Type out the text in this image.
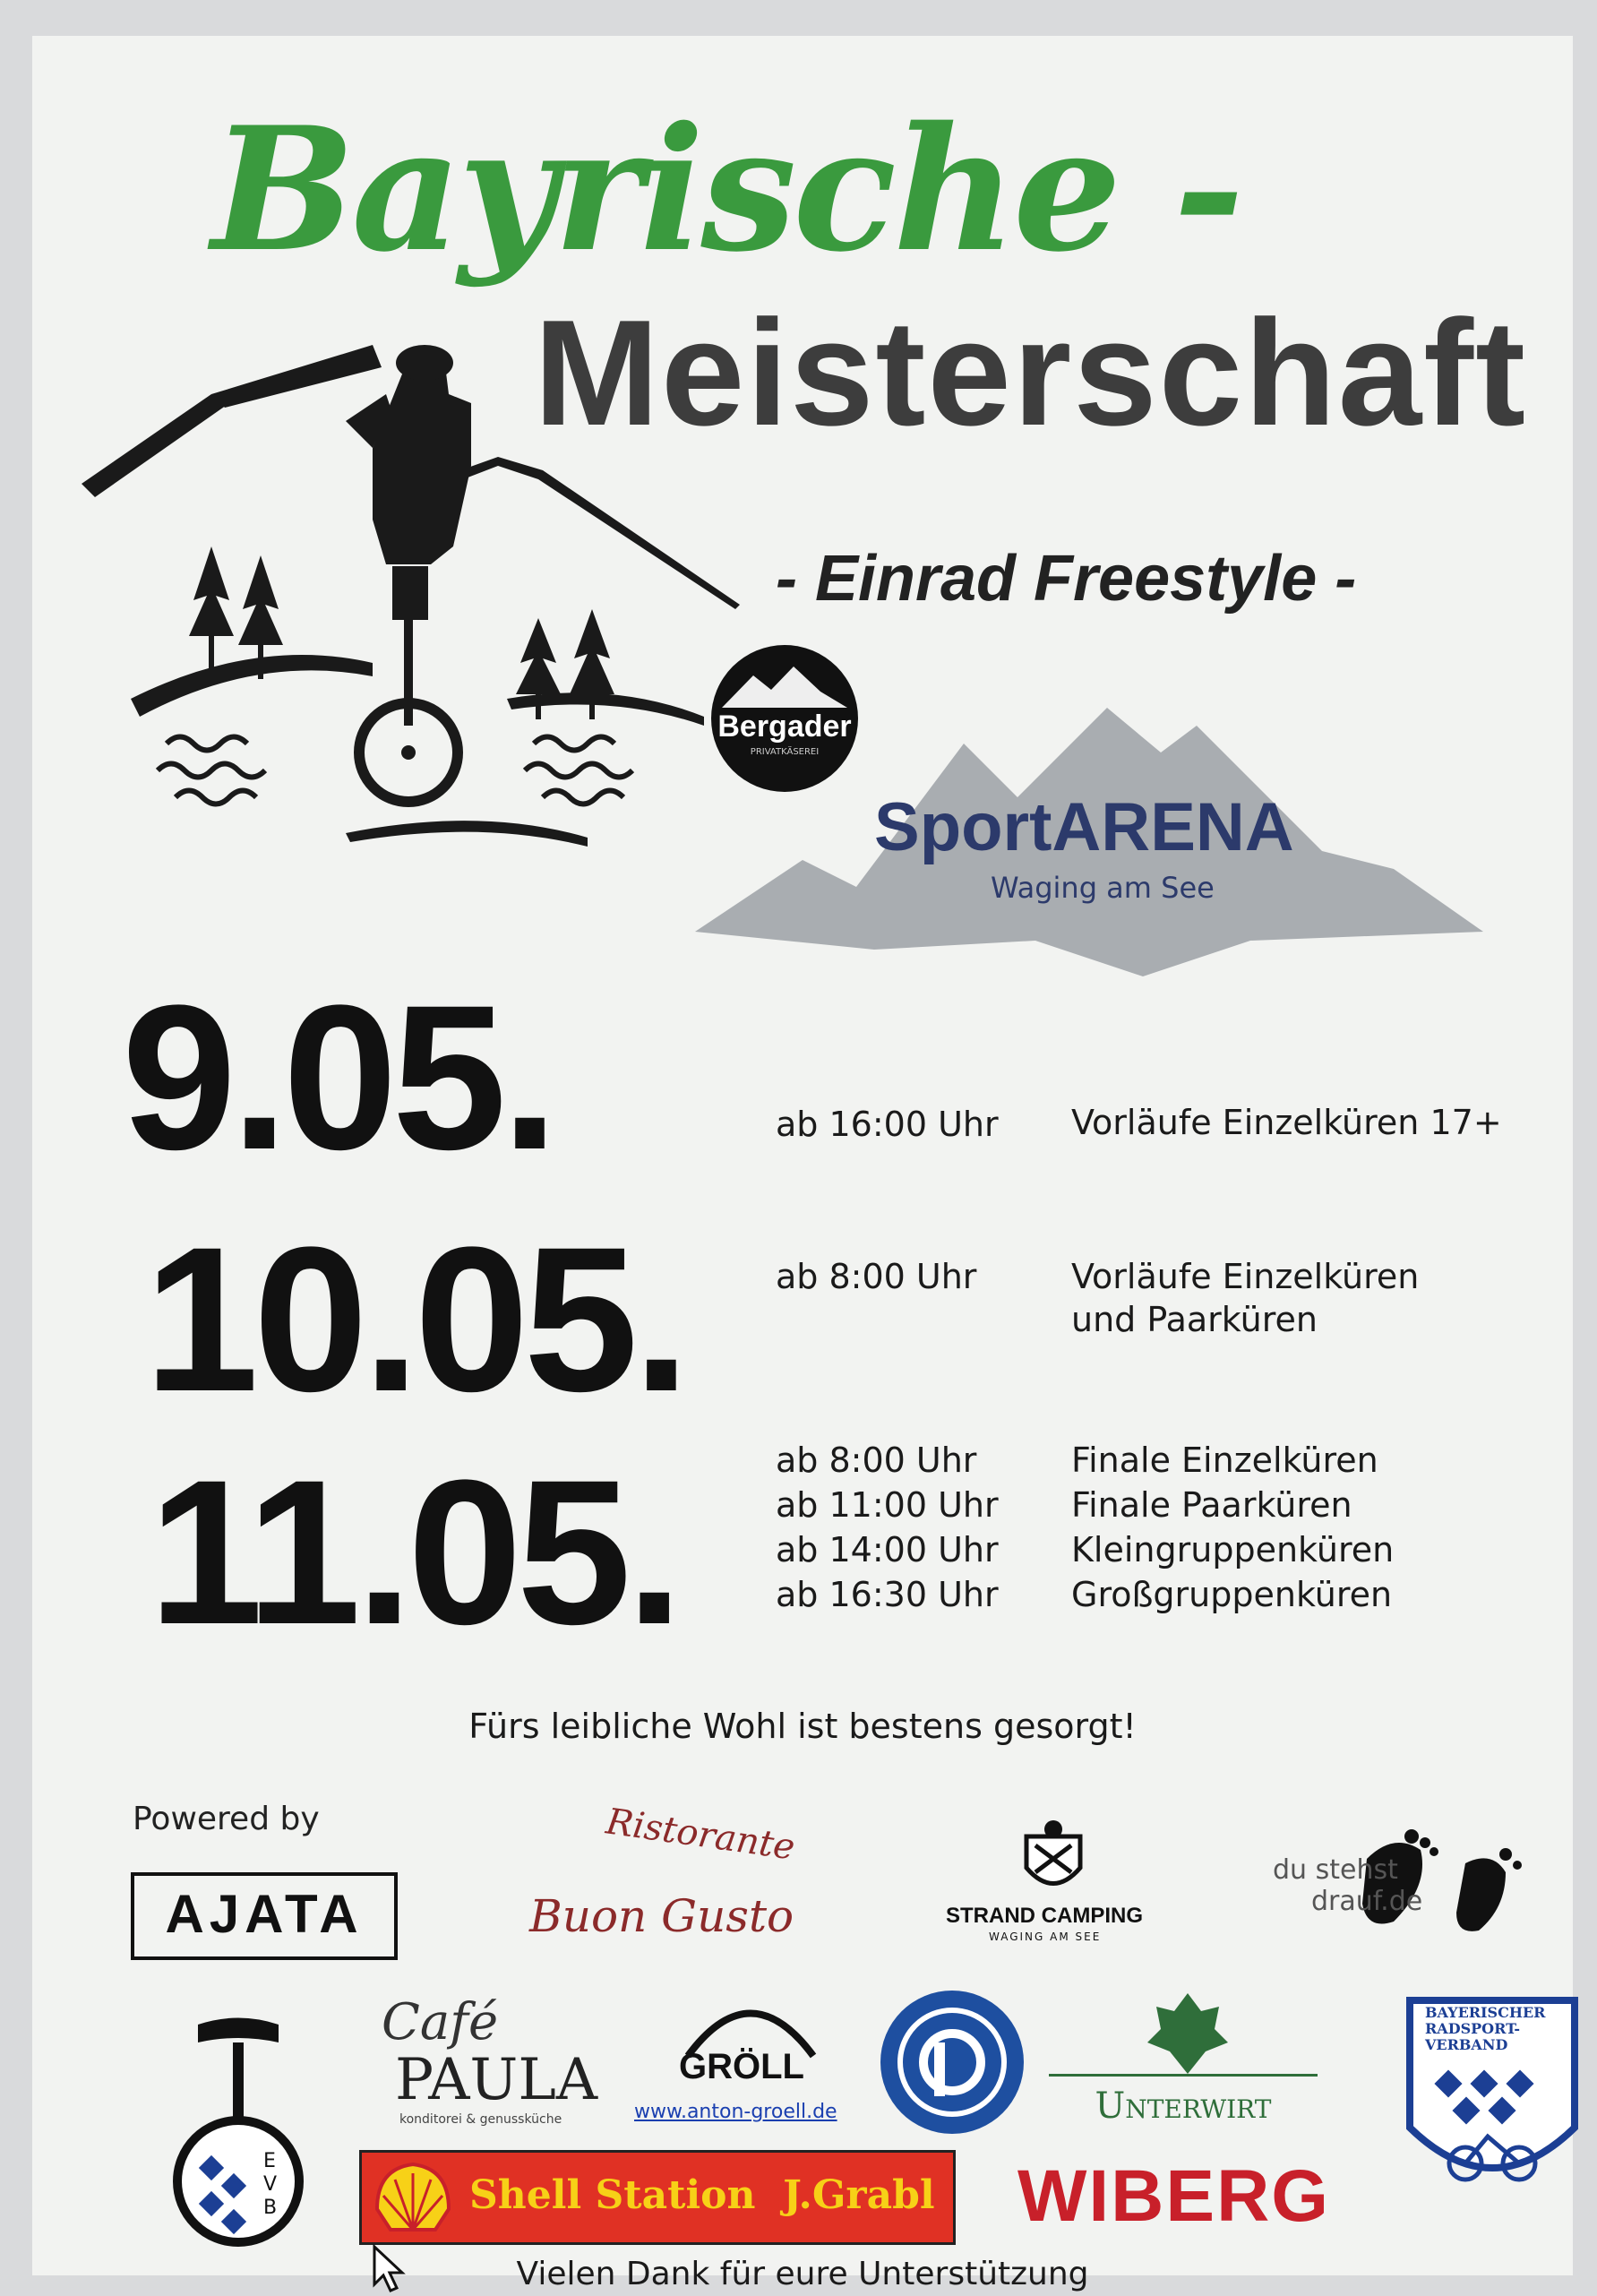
Bayrische -
Meisterschaft
- Einrad Freestyle -
Bergader
PRIVATKÄSEREI
SportARENA
Waging am See
9.05.	ab 16:00 Uhr Vorläufe Einzelküren 17+
10.05.	ab 8:00 Uhr	Vorläufe Einzelküren
und Paarküren
11.05.	ab 8:00 Uhr	Finale Einzelküren
ab 11:00 Uhr Finale Paarküren
ab 14:00 Uhr Kleingruppenküren
ab 16:30 Uhr Großgruppenküren
Fürs leibliche Wohl ist bestens gesorgt!
Powered by
AJATA
Ristorante
Buon Gusto	STRAND CAMPING
WAGING AM SEE
du stehst
drauf.de
EVB
Café
PAULA
konditorei & genussküche
GRÖLL
www.anton-groell.de	Unterwirt
BAYERISCHER RADSPORT-VERBAND
Shell Station  J.Grabl WIBERG
Vielen Dank für eure Unterstützung
